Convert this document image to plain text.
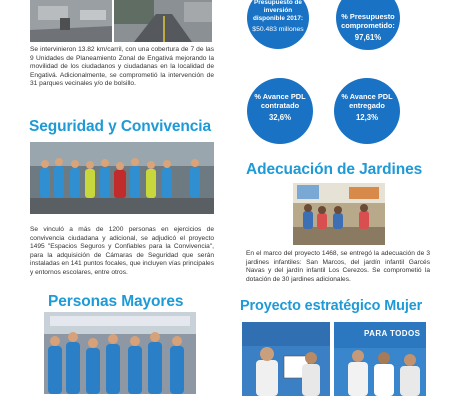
Se intervinieron 13.82 km/carril, con una cobertura de 7 de las 9 Unidades de Planeamiento Zonal de Engativá mejorando la movilidad de los ciudadanos y ciudadanas en la localidad de Engativá. Adicionalmente, se comprometió la intervención de 31 parques vecinales y/o de bolsillo.
Seguridad y Convivencia
Se vinculó a más de 1200 personas en ejercicios de convivencia ciudadana y adicional, se adjudicó el proyecto 1495 "Espacios Seguros y Confiables para la Convivencia", para la adquisición de Cámaras de Seguridad que serán instaladas en 141 puntos focales, que incluyen vías principales y entornos escolares, entre otros.
Personas Mayores
Presupuesto de inversión disponible 2017:
$50.483 millones
% Presupuesto comprometido:
97,61%
% Avance PDL contratado
32,6%
% Avance PDL entregado
12,3%
Adecuación de Jardines
En el marco del proyecto 1468, se entregó la adecuación de 3 jardines infantiles: San Marcos, del jardín infantil Garcés Navas y del jardín infantil Los Cerezos. Se comprometió la dotación de 30 jardines adicionales.
Proyecto estratégico Mujer
PARA TODOS
